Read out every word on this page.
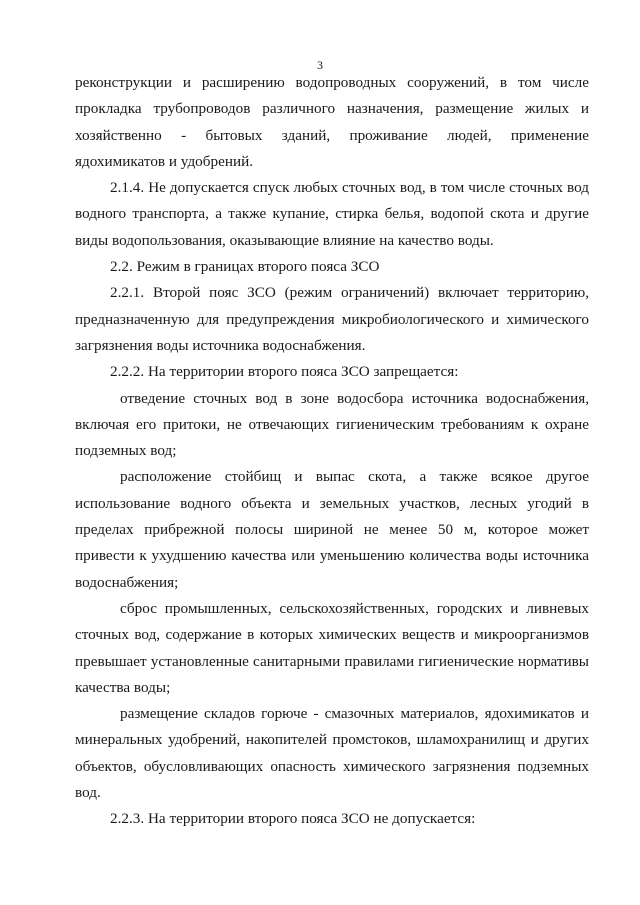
3

реконструкции и расширению водопроводных сооружений, в том числе прокладка трубопроводов различного назначения, размещение жилых и хозяйственно - бытовых зданий, проживание людей, применение ядохимикатов и удобрений.

2.1.4. Не допускается спуск любых сточных вод, в том числе сточных вод водного транспорта, а также купание, стирка белья, водопой скота и другие виды водопользования, оказывающие влияние на качество воды.

2.2. Режим в границах второго пояса ЗСО

2.2.1. Второй пояс ЗСО (режим ограничений) включает территорию, предназначенную для предупреждения микробиологического и химического загрязнения воды источника водоснабжения.

2.2.2. На территории второго пояса ЗСО запрещается:

отведение сточных вод в зоне водосбора источника водоснабжения, включая его притоки, не отвечающих гигиеническим требованиям к охране подземных вод;

расположение стойбищ и выпас скота, а также всякое другое использование водного объекта и земельных участков, лесных угодий в пределах прибрежной полосы шириной не менее 50 м, которое может привести к ухудшению качества или уменьшению количества воды источника водоснабжения;

сброс промышленных, сельскохозяйственных, городских и ливневых сточных вод, содержание в которых химических веществ и микроорганизмов превышает установленные санитарными правилами гигиенические нормативы качества воды;

размещение складов горюче - смазочных материалов, ядохимикатов и минеральных удобрений, накопителей промстоков, шламохранилищ и других объектов, обусловливающих опасность химического загрязнения подземных вод.

2.2.3. На территории второго пояса ЗСО не допускается:
